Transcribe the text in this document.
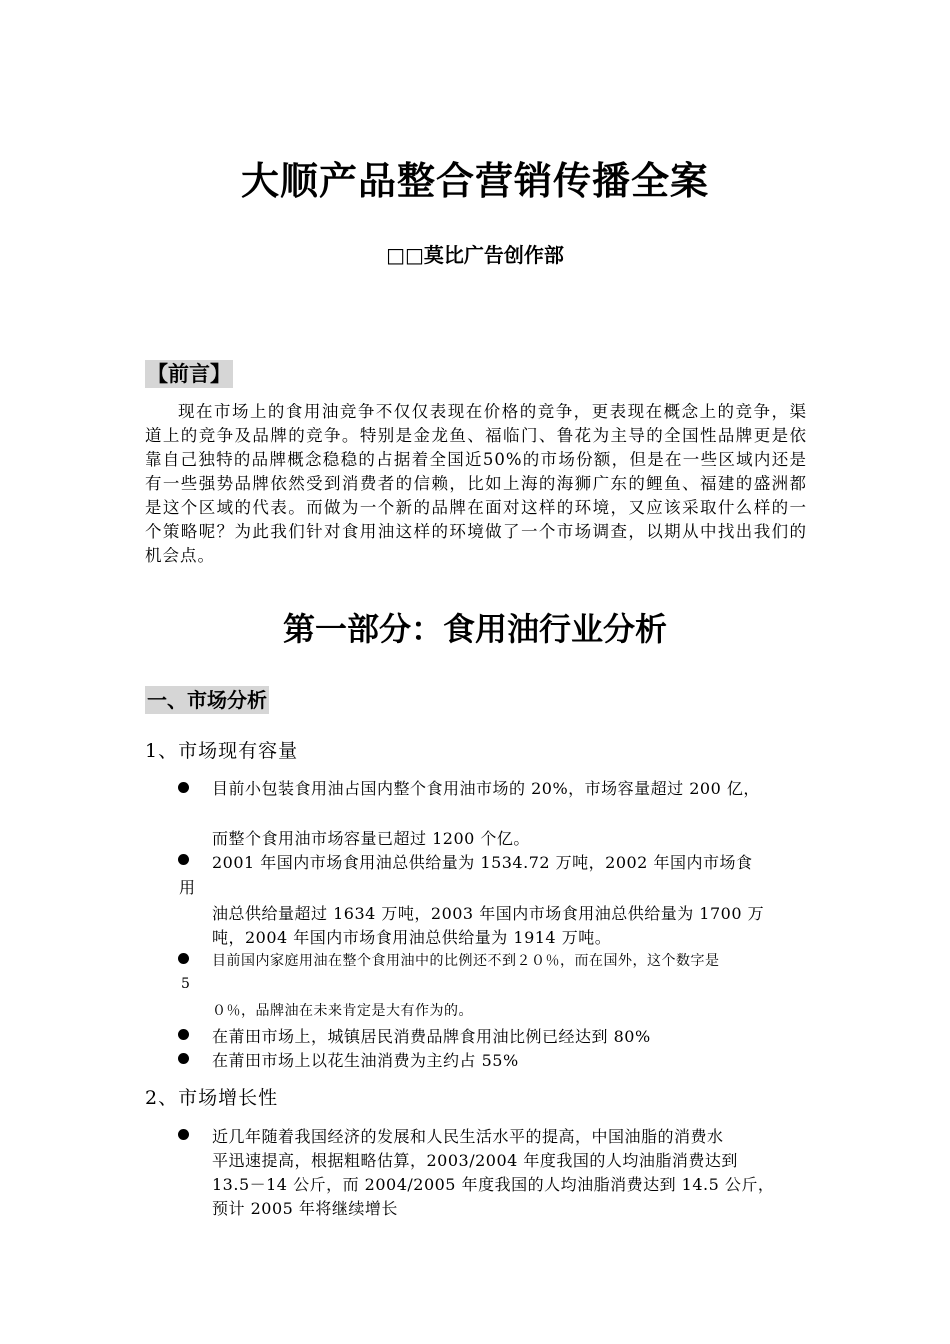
大顺产品整合营销传播全案
□□莫比广告创作部
【前言】
现在市场上的食用油竞争不仅仅表现在价格的竞争，更表现在概念上的竞争，渠道上的竞争及品牌的竞争。特别是金龙鱼、福临门、鲁花为主导的全国性品牌更是依靠自己独特的品牌概念稳稳的占据着全国近50%的市场份额，但是在一些区域内还是有一些强势品牌依然受到消费者的信赖，比如上海的海狮广东的鲤鱼、福建的盛洲都是这个区域的代表。而做为一个新的品牌在面对这样的环境，又应该采取什么样的一个策略呢？为此我们针对食用油这样的环境做了一个市场调查，以期从中找出我们的机会点。
第一部分：食用油行业分析
一、市场分析
1、市场现有容量
目前小包装食用油占国内整个食用油市场的 20%，市场容量超过 200 亿，
而整个食用油市场容量已超过 1200 个亿。
2001 年国内市场食用油总供给量为 1534.72 万吨，2002 年国内市场食
用
油总供给量超过 1634 万吨，2003 年国内市场食用油总供给量为 1700 万
吨，2004 年国内市场食用油总供给量为 1914 万吨。
目前国内家庭用油在整个食用油中的比例还不到２０％，而在国外，这个数字是
5
０％，品牌油在未来肯定是大有作为的。
在莆田市场上，城镇居民消费品牌食用油比例已经达到 80%
在莆田市场上以花生油消费为主约占 55%
2、市场增长性
近几年随着我国经济的发展和人民生活水平的提高，中国油脂的消费水
平迅速提高，根据粗略估算，2003/2004 年度我国的人均油脂消费达到
13.5－14 公斤，而 2004/2005 年度我国的人均油脂消费达到 14.5 公斤，
预计 2005 年将继续增长
